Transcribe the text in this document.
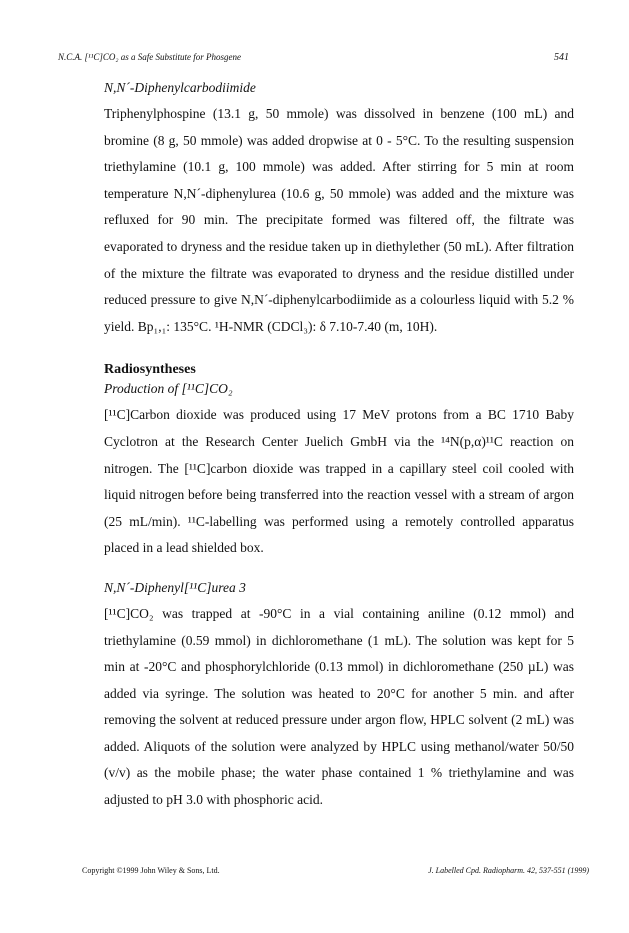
N.C.A. [¹¹C]CO₂ as a Safe Substitute for Phosgene	541

N,N´-Diphenylcarbodiimide

Triphenylphospine (13.1 g, 50 mmole) was dissolved in benzene (100 mL) and bromine (8 g, 50 mmole) was added dropwise at 0 - 5°C. To the resulting suspension triethylamine (10.1 g, 100 mmole) was added. After stirring for 5 min at room temperature N,N´-diphenylurea (10.6 g, 50 mmole) was added and the mixture was refluxed for 90 min. The precipitate formed was filtered off, the filtrate was evaporated to dryness and the residue taken up in diethylether (50 mL). After filtration of the mixture the filtrate was evaporated to dryness and the residue distilled under reduced pressure to give N,N´-diphenylcarbodiimide as a colourless liquid with 5.2 % yield. Bp₁,₁: 135°C. ¹H-NMR (CDCl₃): δ 7.10-7.40 (m, 10H).

Radiosyntheses

Production of [¹¹C]CO₂

[¹¹C]Carbon dioxide was produced using 17 MeV protons from a BC 1710 Baby Cyclotron at the Research Center Juelich GmbH via the ¹⁴N(p,α)¹¹C reaction on nitrogen. The [¹¹C]carbon dioxide was trapped in a capillary steel coil cooled with liquid nitrogen before being transferred into the reaction vessel with a stream of argon (25 mL/min). ¹¹C-labelling was performed using a remotely controlled apparatus placed in a lead shielded box.

N,N´-Diphenyl[¹¹C]urea 3

[¹¹C]CO₂ was trapped at -90°C in a vial containing aniline (0.12 mmol) and triethylamine (0.59 mmol) in dichloromethane (1 mL). The solution was kept for 5 min at -20°C and phosphorylchloride (0.13 mmol) in dichloromethane (250 µL) was added via syringe. The solution was heated to 20°C for another 5 min. and after removing the solvent at reduced pressure under argon flow, HPLC solvent (2 mL) was added. Aliquots of the solution were analyzed by HPLC using methanol/water 50/50 (v/v) as the mobile phase; the water phase contained 1 % triethylamine and was adjusted to pH 3.0 with phosphoric acid.

Copyright ©1999 John Wiley & Sons, Ltd.	J. Labelled Cpd. Radiopharm. 42, 537-551 (1999)
